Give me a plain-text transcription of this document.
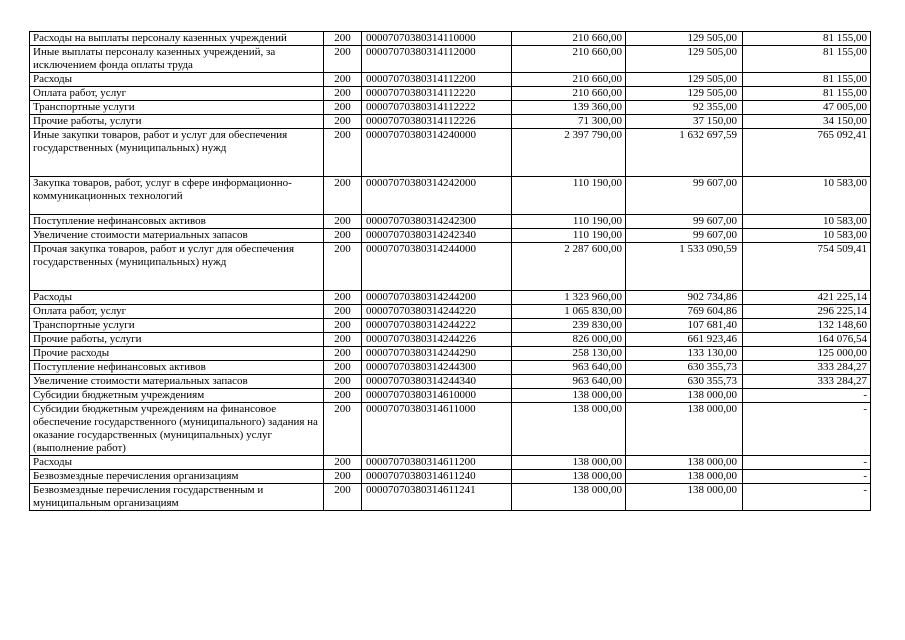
Расходы на выплаты персоналу казенных учреждений	200	00007070380314110000	210 660,00	129 505,00	81 155,00
Иные выплаты персоналу казенных учреждений, за исключением фонда оплаты труда	200	00007070380314112000	210 660,00	129 505,00	81 155,00
Расходы	200	00007070380314112200	210 660,00	129 505,00	81 155,00
Оплата работ, услуг	200	00007070380314112220	210 660,00	129 505,00	81 155,00
Транспортные услуги	200	00007070380314112222	139 360,00	92 355,00	47 005,00
Прочие работы, услуги	200	00007070380314112226	71 300,00	37 150,00	34 150,00
Иные закупки товаров, работ и услуг для обеспечения государственных (муниципальных) нужд	200	00007070380314240000	2 397 790,00	1 632 697,59	765 092,41
Закупка товаров, работ, услуг в сфере информационно-коммуникационных технологий	200	00007070380314242000	110 190,00	99 607,00	10 583,00
Поступление нефинансовых активов	200	00007070380314242300	110 190,00	99 607,00	10 583,00
Увеличение стоимости материальных запасов	200	00007070380314242340	110 190,00	99 607,00	10 583,00
Прочая закупка товаров, работ и услуг для обеспечения государственных (муниципальных) нужд	200	00007070380314244000	2 287 600,00	1 533 090,59	754 509,41
Расходы	200	00007070380314244200	1 323 960,00	902 734,86	421 225,14
Оплата работ, услуг	200	00007070380314244220	1 065 830,00	769 604,86	296 225,14
Транспортные услуги	200	00007070380314244222	239 830,00	107 681,40	132 148,60
Прочие работы, услуги	200	00007070380314244226	826 000,00	661 923,46	164 076,54
Прочие расходы	200	00007070380314244290	258 130,00	133 130,00	125 000,00
Поступление нефинансовых активов	200	00007070380314244300	963 640,00	630 355,73	333 284,27
Увеличение стоимости материальных запасов	200	00007070380314244340	963 640,00	630 355,73	333 284,27
Субсидии бюджетным учреждениям	200	00007070380314610000	138 000,00	138 000,00	-
Субсидии бюджетным учреждениям на финансовое обеспечение государственного (муниципального) задания на оказание государственных (муниципальных) услуг (выполнение работ)	200	00007070380314611000	138 000,00	138 000,00	-
Расходы	200	00007070380314611200	138 000,00	138 000,00	-
Безвозмездные перечисления организациям	200	00007070380314611240	138 000,00	138 000,00	-
Безвозмездные перечисления государственным и муниципальным организациям	200	00007070380314611241	138 000,00	138 000,00	-
